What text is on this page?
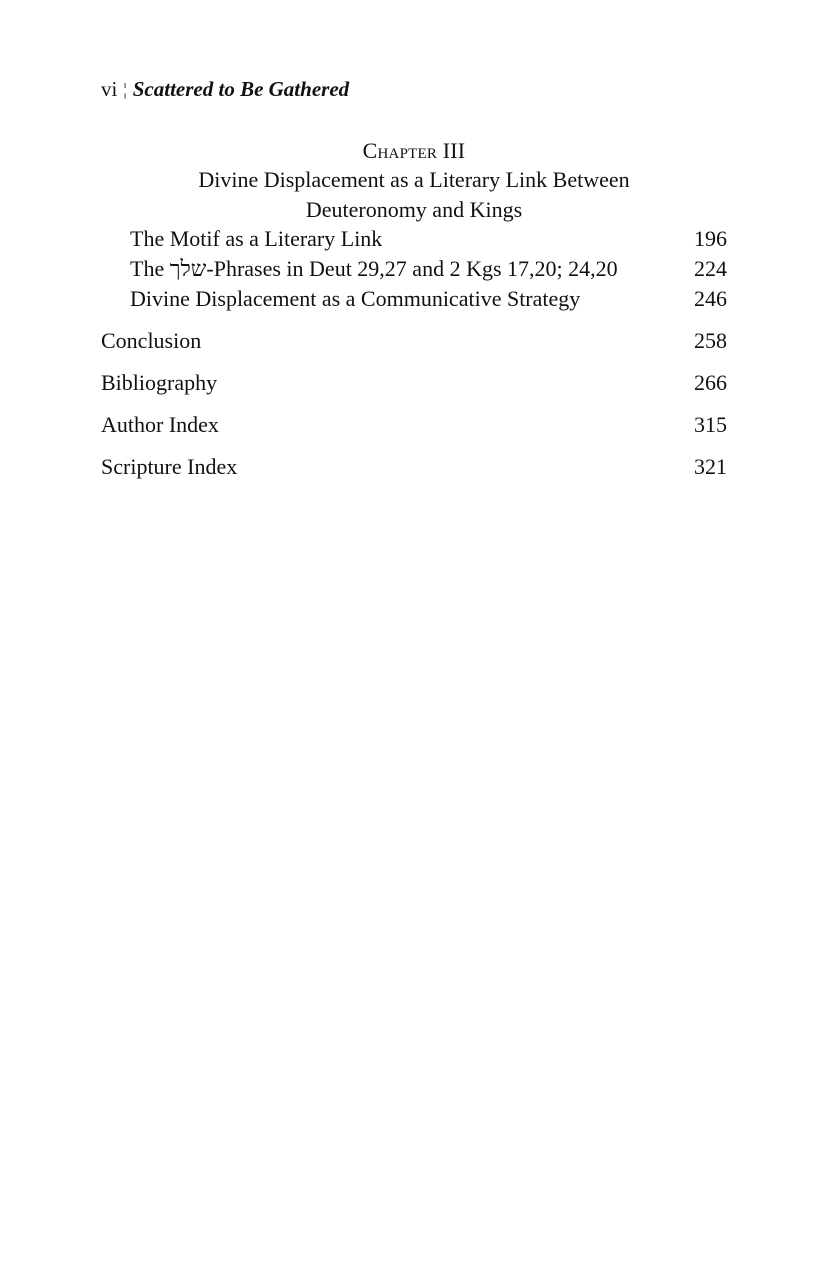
vi ¦ Scattered to Be Gathered
Chapter III
Divine Displacement as a Literary Link Between
Deuteronomy and Kings
The Motif as a Literary Link	196
The שלך-Phrases in Deut 29,27 and 2 Kgs 17,20; 24,20	224
Divine Displacement as a Communicative Strategy	246
Conclusion	258
Bibliography	266
Author Index	315
Scripture Index	321
